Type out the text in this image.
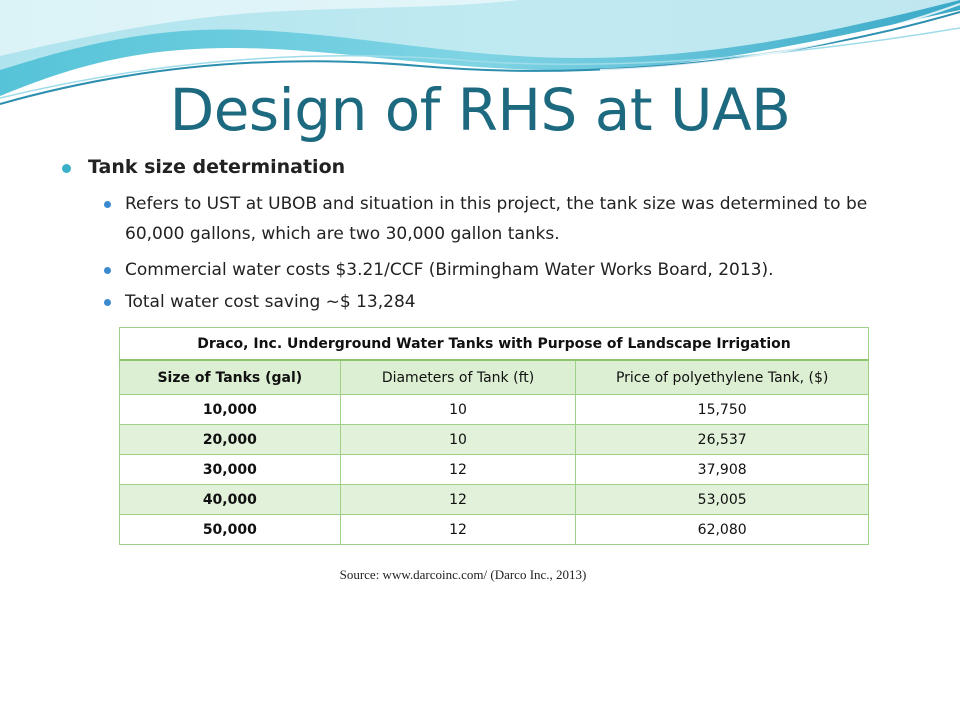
Design of RHS at UAB
Tank size determination
Refers to UST at UBOB and situation in this project, the tank size was determined to be 60,000 gallons, which are two 30,000 gallon tanks.
Commercial water costs $3.21/CCF (Birmingham Water Works Board, 2013).
Total water cost saving ~$ 13,284
Draco, Inc. Underground Water Tanks with Purpose of Landscape Irrigation		
Size of Tanks (gal)	Diameters of Tank (ft)	Price of polyethylene Tank, ($)
10,000	10	15,750
20,000	10	26,537
30,000	12	37,908
40,000	12	53,005
50,000	12	62,080
Source: www.darcoinc.com/ (Darco Inc., 2013)
